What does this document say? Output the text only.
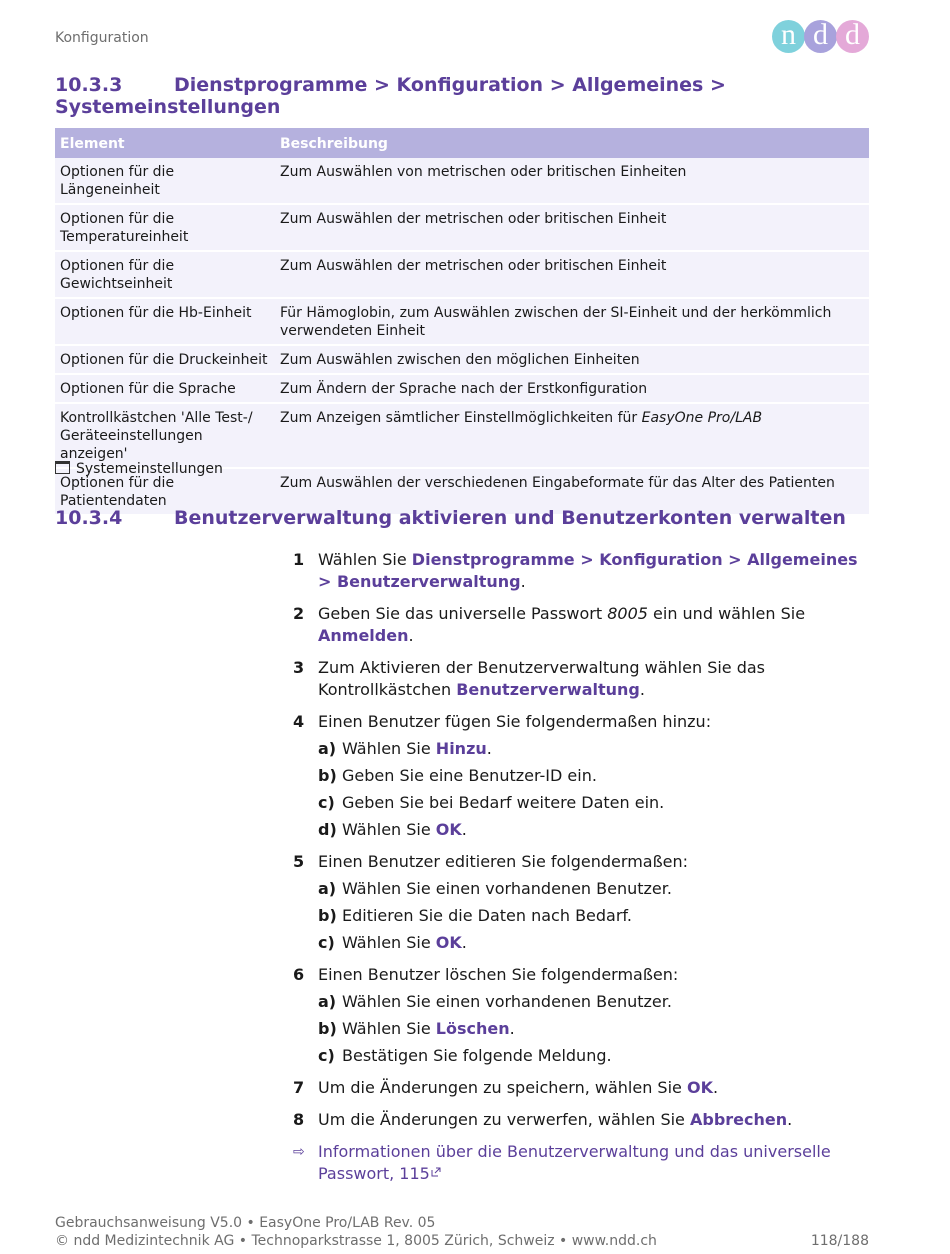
Konfiguration	n d d
10.3.3	Dienstprogramme > Konfiguration > Allgemeines > Systemeinstellungen
Element	Beschreibung
Optionen für die Längeneinheit	Zum Auswählen von metrischen oder britischen Einheiten
Optionen für die Temperatureinheit	Zum Auswählen der metrischen oder britischen Einheit
Optionen für die Gewichtseinheit	Zum Auswählen der metrischen oder britischen Einheit
Optionen für die Hb-Einheit	Für Hämoglobin, zum Auswählen zwischen der SI-Einheit und der herkömmlich verwendeten Einheit
Optionen für die Druckeinheit	Zum Auswählen zwischen den möglichen Einheiten
Optionen für die Sprache	Zum Ändern der Sprache nach der Erstkonfiguration
Kontrollkästchen 'Alle Test-/ Geräteeinstellungen anzeigen'	Zum Anzeigen sämtlicher Einstellmöglichkeiten für EasyOne Pro/LAB
Optionen für die Patientendaten	Zum Auswählen der verschiedenen Eingabeformate für das Alter des Patienten
Systemeinstellungen
10.3.4	Benutzerverwaltung aktivieren und Benutzerkonten verwalten
1 Wählen Sie Dienstprogramme > Konfiguration > Allgemeines
> Benutzerverwaltung.
2 Geben Sie das universelle Passwort 8005 ein und wählen Sie Anmelden.
3 Zum Aktivieren der Benutzerverwaltung wählen Sie das Kontrollkästchen Benutzerverwaltung.
4 Einen Benutzer fügen Sie folgendermaßen hinzu:
a) Wählen Sie Hinzu.
b) Geben Sie eine Benutzer-ID ein.
c) Geben Sie bei Bedarf weitere Daten ein.
d) Wählen Sie OK.
5 Einen Benutzer editieren Sie folgendermaßen:
a) Wählen Sie einen vorhandenen Benutzer.
b) Editieren Sie die Daten nach Bedarf.
c) Wählen Sie OK.
6 Einen Benutzer löschen Sie folgendermaßen:
a) Wählen Sie einen vorhandenen Benutzer.
b) Wählen Sie Löschen.
c) Bestätigen Sie folgende Meldung.
7 Um die Änderungen zu speichern, wählen Sie OK.
8 Um die Änderungen zu verwerfen, wählen Sie Abbrechen.
⇨ Informationen über die Benutzerverwaltung und das universelle Passwort, 115
Gebrauchsanweisung V5.0 • EasyOne Pro/LAB Rev. 05
© ndd Medizintechnik AG • Technoparkstrasse 1, 8005 Zürich, Schweiz • www.ndd.ch	118/188
